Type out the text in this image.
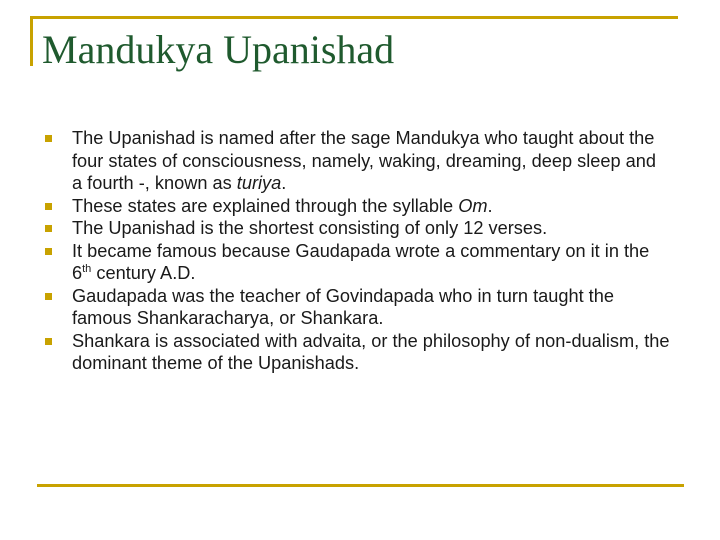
Mandukya Upanishad
The Upanishad is named after the sage Mandukya who taught about the four states of consciousness, namely, waking, dreaming, deep sleep and a fourth -, known as turiya.
These states are explained through the syllable Om.
The Upanishad is the shortest consisting of only 12 verses.
It became famous because Gaudapada wrote a commentary on it in the 6th century A.D.
Gaudapada was the teacher of Govindapada who in turn taught the famous Shankaracharya, or Shankara.
Shankara is associated with advaita, or the philosophy of non-dualism, the dominant theme of the Upanishads.
